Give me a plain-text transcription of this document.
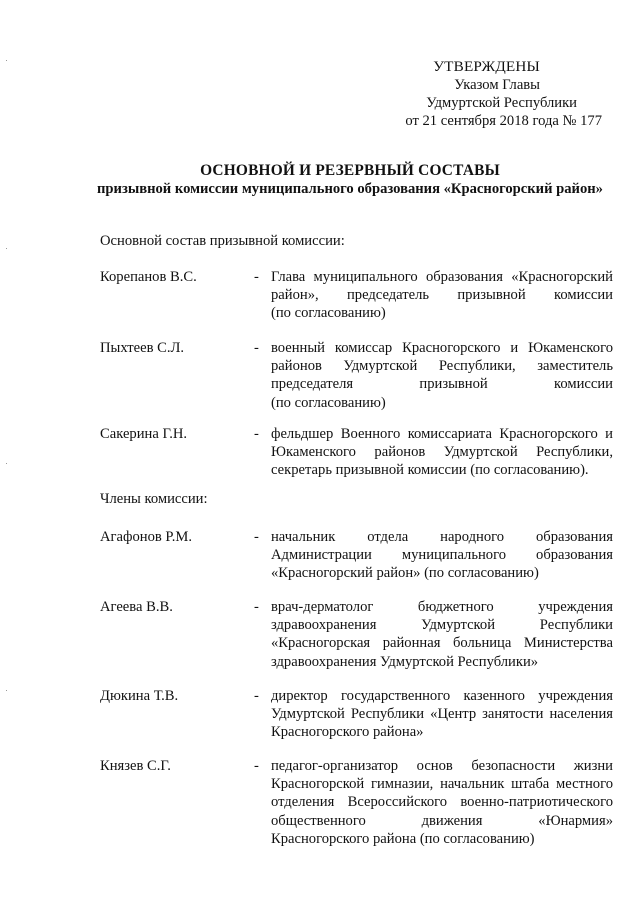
УТВЕРЖДЕНЫ
Указом Главы
Удмуртской Республики
от 21 сентября 2018 года № 177
ОСНОВНОЙ И РЕЗЕРВНЫЙ СОСТАВЫ
призывной комиссии муниципального образования «Красногорский район»
Основной состав призывной комиссии:
Корепанов В.С.	- Глава муниципального образования «Красногорский
район», председатель призывной комиссии
(по согласованию)
Пыхтеев С.Л.	- военный комиссар Красногорского и Юкаменского
районов Удмуртской Республики, заместитель
председателя призывной комиссии
(по согласованию)
Сакерина Г.Н.	- фельдшер Военного комиссариата Красногорского и
Юкаменского районов Удмуртской Республики,
секретарь призывной комиссии (по согласованию).
Члены комиссии:
Агафонов Р.М.	- начальник отдела народного образования
Администрации муниципального образования
«Красногорский район» (по согласованию)
Агеева В.В.	- врач-дерматолог бюджетного учреждения
здравоохранения Удмуртской Республики
«Красногорская районная больница Министерства
здравоохранения Удмуртской Республики»
Дюкина Т.В.	- директор государственного казенного учреждения
Удмуртской Республики «Центр занятости населения
Красногорского района»
Князев С.Г.	- педагог-организатор основ безопасности жизни
Красногорской гимназии, начальник штаба местного
отделения Всероссийского военно-патриотического
общественного движения «Юнармия»
Красногорского района (по согласованию)
